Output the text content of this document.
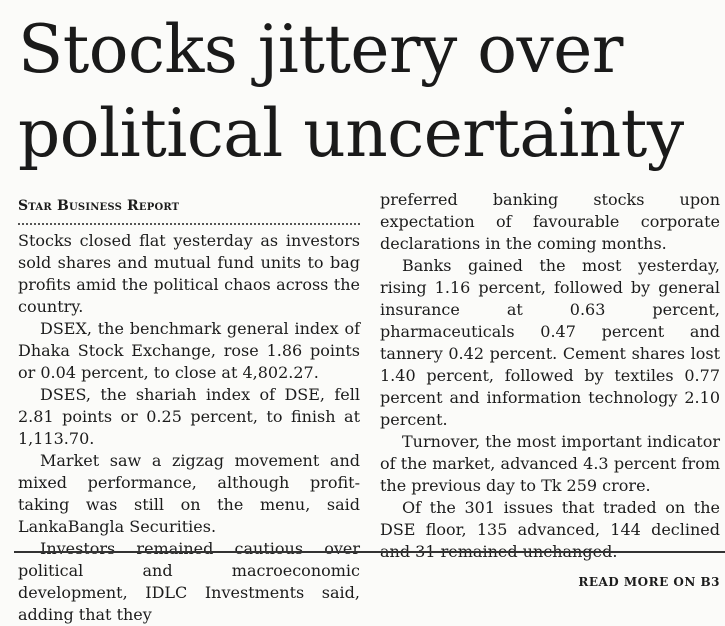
Stocks jittery over political uncertainty
Star Business Report

Stocks closed flat yesterday as investors sold shares and mutual fund units to bag profits amid the political chaos across the country.

DSEX, the benchmark general index of Dhaka Stock Exchange, rose 1.86 points or 0.04 percent, to close at 4,802.27.

DSES, the shariah index of DSE, fell 2.81 points or 0.25 percent, to finish at 1,113.70.

Market saw a zigzag movement and mixed performance, although profit-taking was still on the menu, said LankaBangla Securities.

Investors remained cautious over political and macroeconomic development, IDLC Investments said, adding that they

preferred banking stocks upon expectation of favourable corporate declarations in the coming months.

Banks gained the most yesterday, rising 1.16 percent, followed by general insurance at 0.63 percent, pharmaceuticals 0.47 percent and tannery 0.42 percent. Cement shares lost 1.40 percent, followed by textiles 0.77 percent and information technology 2.10 percent.

Turnover, the most important indicator of the market, advanced 4.3 percent from the previous day to Tk 259 crore.

Of the 301 issues that traded on the DSE floor, 135 advanced, 144 declined and 31 remained unchanged.

READ MORE ON B3
